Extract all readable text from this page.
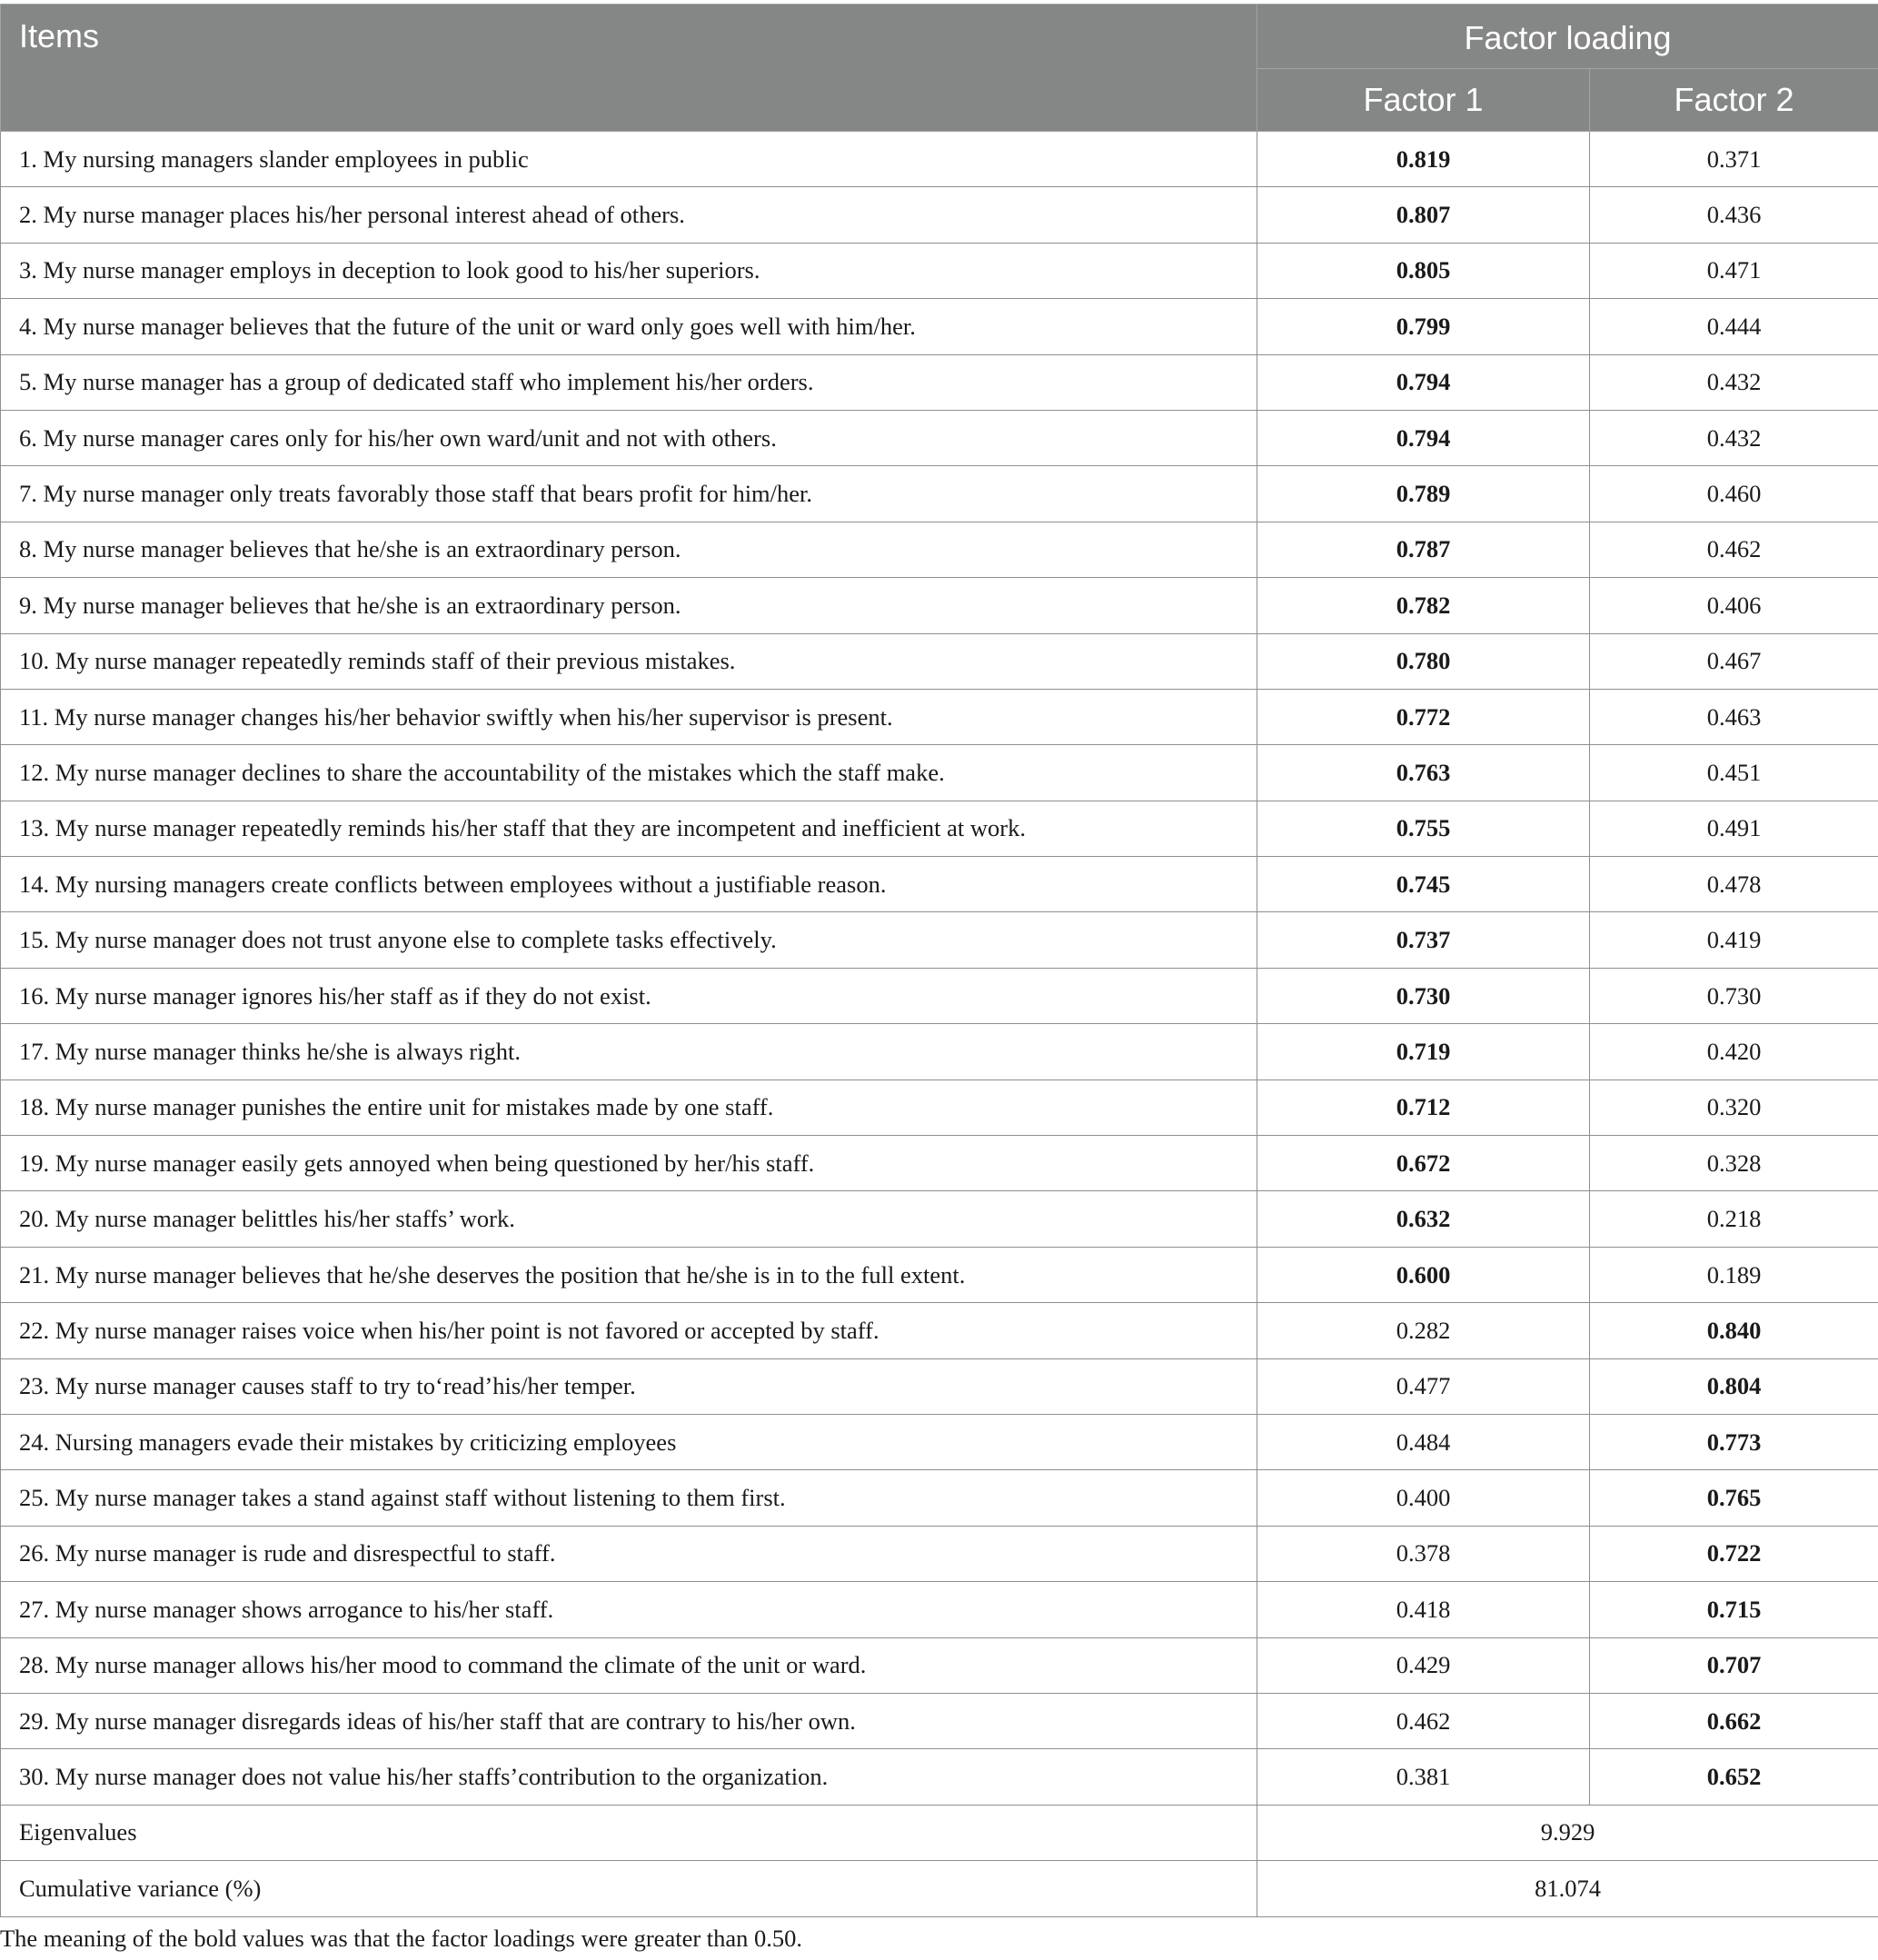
Items	Factor loading	
	Factor 1	Factor 2
1. My nursing managers slander employees in public	0.819	0.371
2. My nurse manager places his/her personal interest ahead of others.	0.807	0.436
3. My nurse manager employs in deception to look good to his/her superiors.	0.805	0.471
4. My nurse manager believes that the future of the unit or ward only goes well with him/her.	0.799	0.444
5. My nurse manager has a group of dedicated staff who implement his/her orders.	0.794	0.432
6. My nurse manager cares only for his/her own ward/unit and not with others.	0.794	0.432
7. My nurse manager only treats favorably those staff that bears profit for him/her.	0.789	0.460
8. My nurse manager believes that he/she is an extraordinary person.	0.787	0.462
9. My nurse manager believes that he/she is an extraordinary person.	0.782	0.406
10. My nurse manager repeatedly reminds staff of their previous mistakes.	0.780	0.467
11. My nurse manager changes his/her behavior swiftly when his/her supervisor is present.	0.772	0.463
12. My nurse manager declines to share the accountability of the mistakes which the staff make.	0.763	0.451
13. My nurse manager repeatedly reminds his/her staff that they are incompetent and inefficient at work.	0.755	0.491
14. My nursing managers create conflicts between employees without a justifiable reason.	0.745	0.478
15. My nurse manager does not trust anyone else to complete tasks effectively.	0.737	0.419
16. My nurse manager ignores his/her staff as if they do not exist.	0.730	0.730
17. My nurse manager thinks he/she is always right.	0.719	0.420
18. My nurse manager punishes the entire unit for mistakes made by one staff.	0.712	0.320
19. My nurse manager easily gets annoyed when being questioned by her/his staff.	0.672	0.328
20. My nurse manager belittles his/her staffs’ work.	0.632	0.218
21. My nurse manager believes that he/she deserves the position that he/she is in to the full extent.	0.600	0.189
22. My nurse manager raises voice when his/her point is not favored or accepted by staff.	0.282	0.840
23. My nurse manager causes staff to try to‘read’his/her temper.	0.477	0.804
24. Nursing managers evade their mistakes by criticizing employees	0.484	0.773
25. My nurse manager takes a stand against staff without listening to them first.	0.400	0.765
26. My nurse manager is rude and disrespectful to staff.	0.378	0.722
27. My nurse manager shows arrogance to his/her staff.	0.418	0.715
28. My nurse manager allows his/her mood to command the climate of the unit or ward.	0.429	0.707
29. My nurse manager disregards ideas of his/her staff that are contrary to his/her own.	0.462	0.662
30. My nurse manager does not value his/her staffs’contribution to the organization.	0.381	0.652
Eigenvalues	9.929	
Cumulative variance (%)	81.074	
The meaning of the bold values was that the factor loadings were greater than 0.50.
